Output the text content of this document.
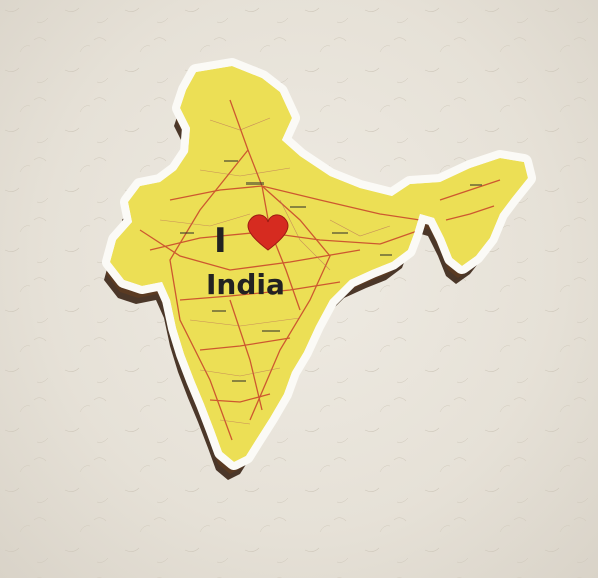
I
India
